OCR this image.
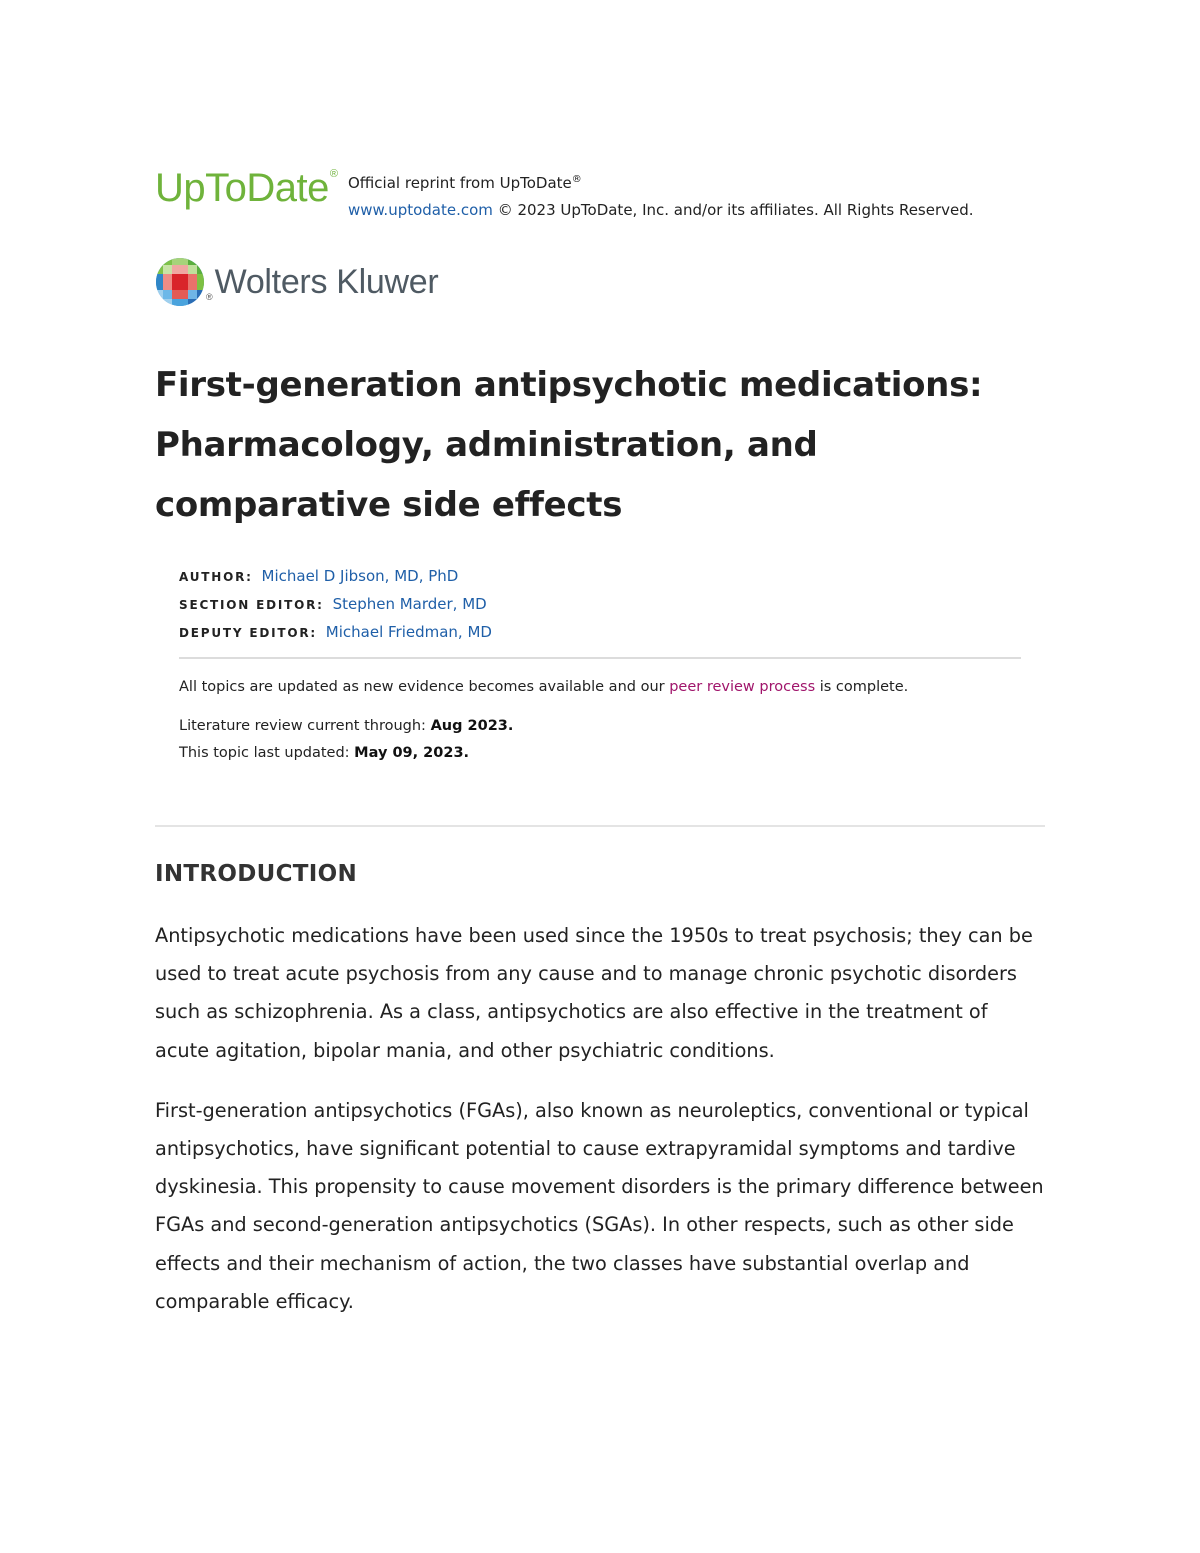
UpToDate ® Official reprint from UpToDate®
www.uptodate.com © 2023 UpToDate, Inc. and/or its affiliates. All Rights Reserved.
® Wolters Kluwer
First-generation antipsychotic medications: Pharmacology, administration, and comparative side effects
AUTHOR: Michael D Jibson, MD, PhD
SECTION EDITOR: Stephen Marder, MD
DEPUTY EDITOR: Michael Friedman, MD
All topics are updated as new evidence becomes available and our peer review process is complete.
Literature review current through: Aug 2023.
This topic last updated: May 09, 2023.
INTRODUCTION

Antipsychotic medications have been used since the 1950s to treat psychosis; they can be used to treat acute psychosis from any cause and to manage chronic psychotic disorders such as schizophrenia. As a class, antipsychotics are also effective in the treatment of acute agitation, bipolar mania, and other psychiatric conditions.

First-generation antipsychotics (FGAs), also known as neuroleptics, conventional or typical antipsychotics, have significant potential to cause extrapyramidal symptoms and tardive dyskinesia. This propensity to cause movement disorders is the primary difference between FGAs and second-generation antipsychotics (SGAs). In other respects, such as other side effects and their mechanism of action, the two classes have substantial overlap and comparable efficacy.
